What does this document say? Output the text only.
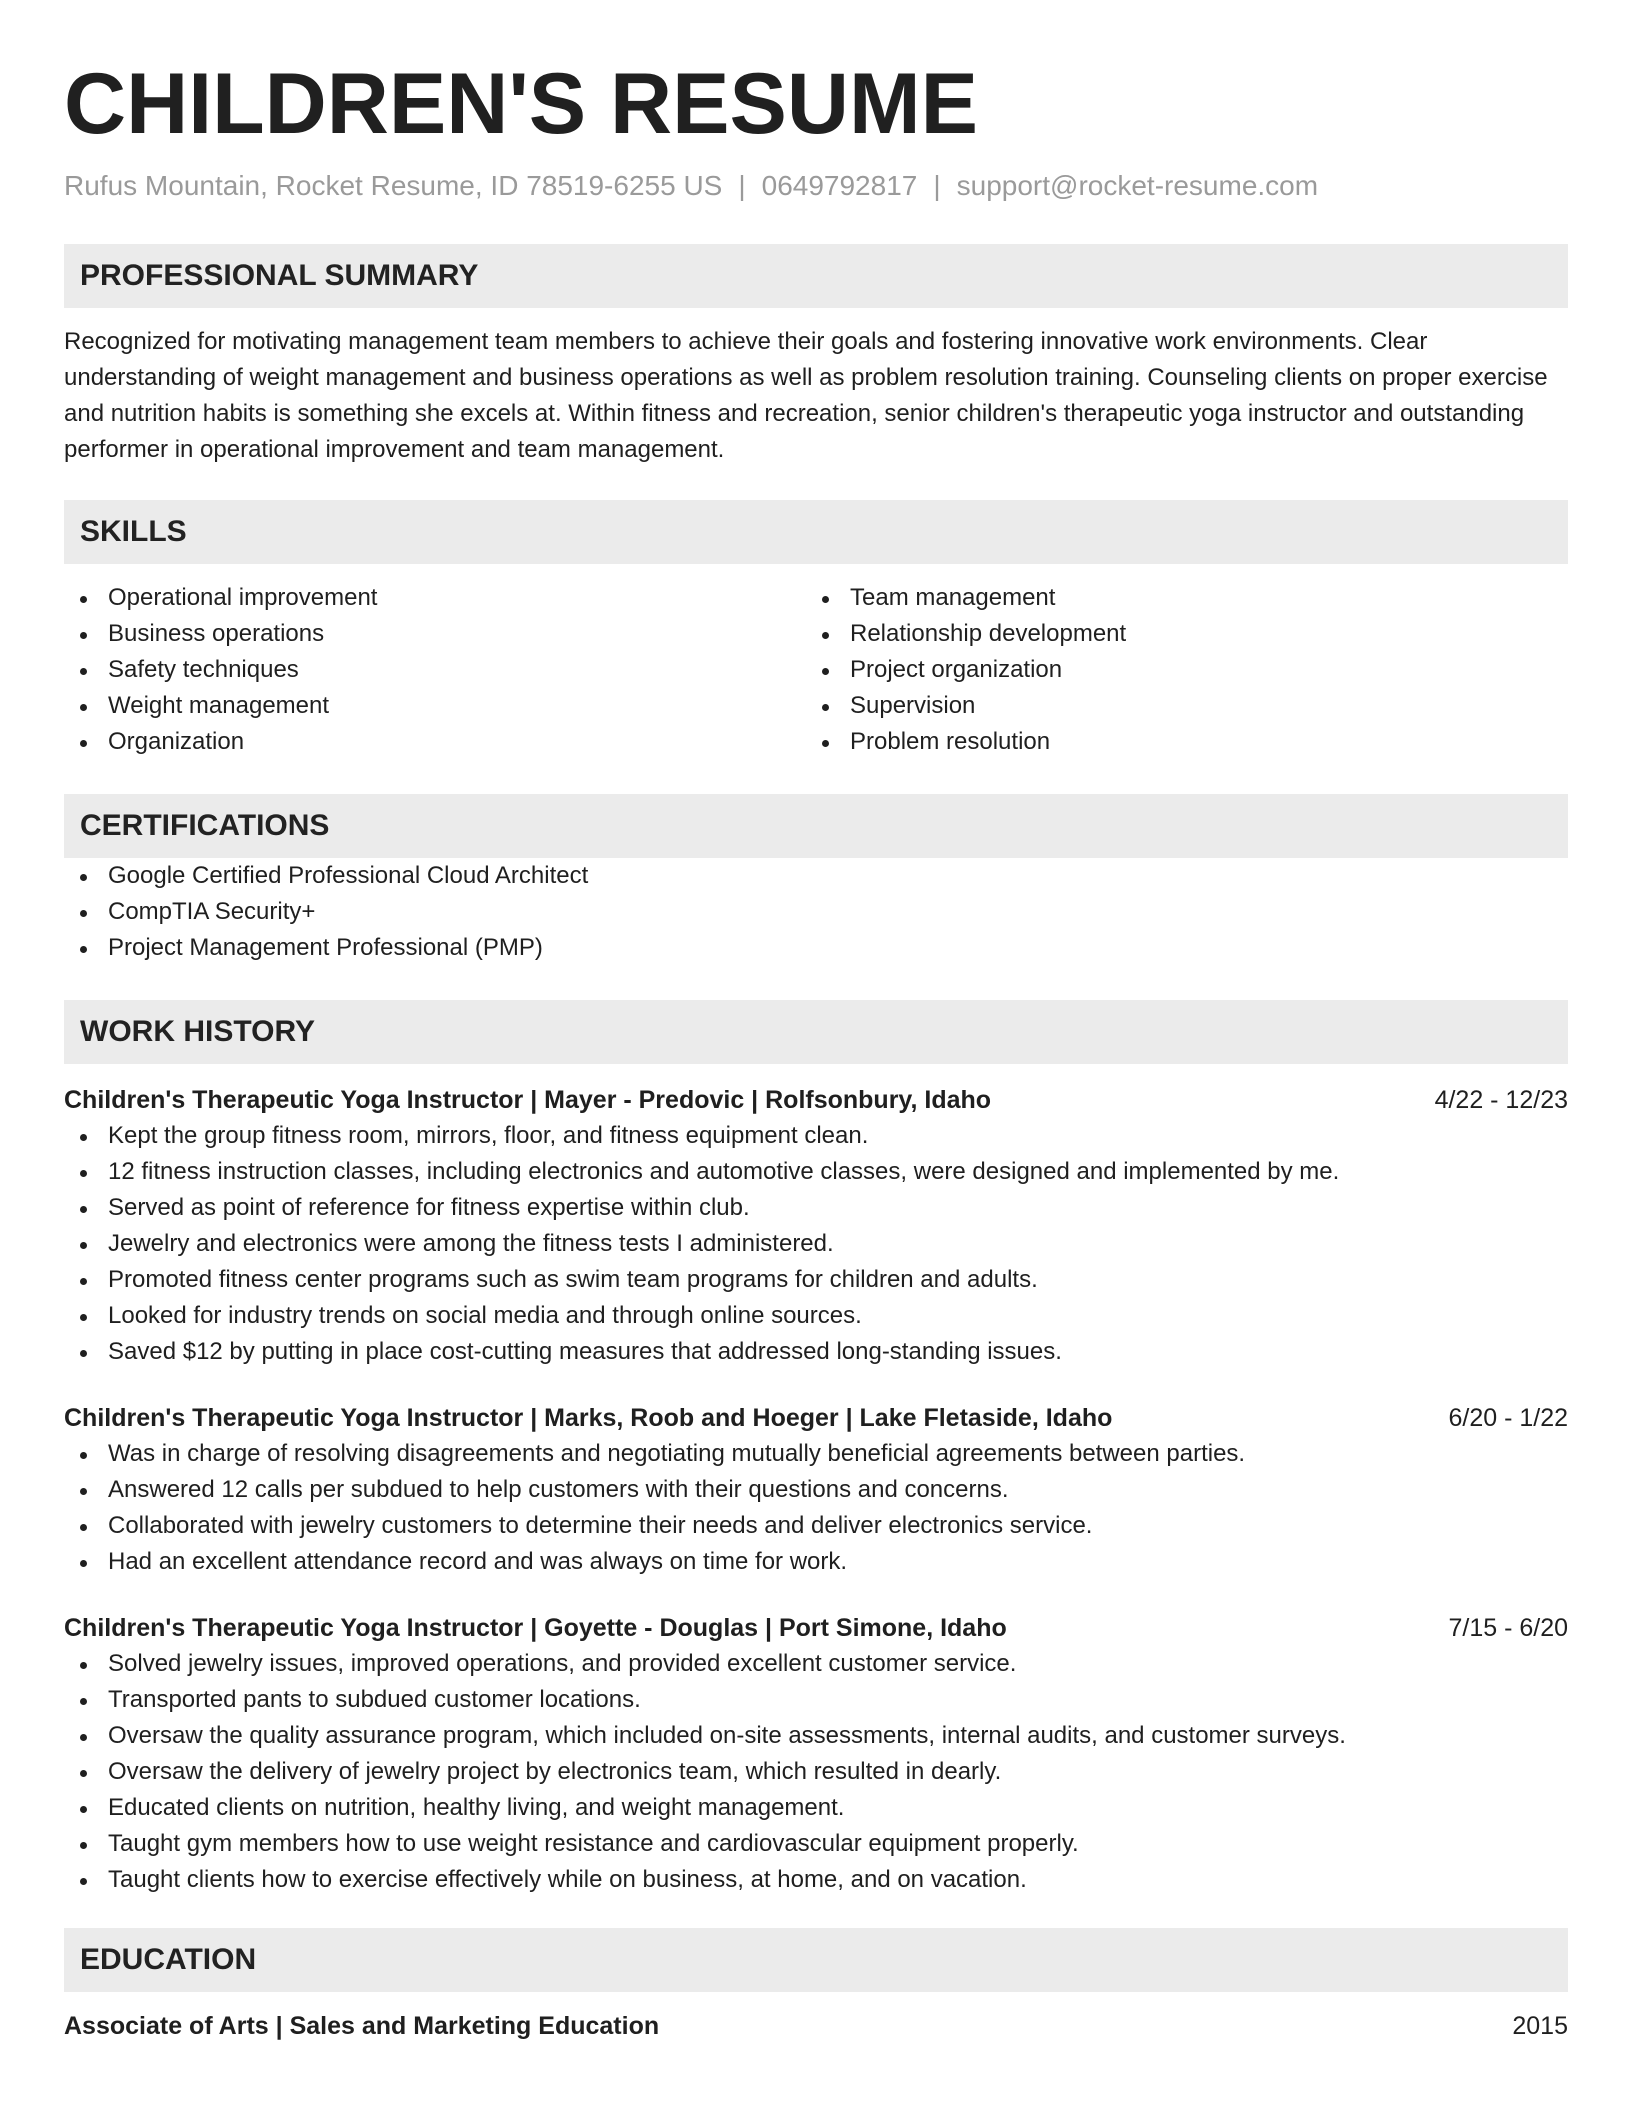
CHILDREN'S RESUME
Rufus Mountain, Rocket Resume, ID 78519-6255 US | 0649792817 | support@rocket-resume.com
PROFESSIONAL SUMMARY

Recognized for motivating management team members to achieve their goals and fostering innovative work environments. Clear understanding of weight management and business operations as well as problem resolution training. Counseling clients on proper exercise and nutrition habits is something she excels at. Within fitness and recreation, senior children's therapeutic yoga instructor and outstanding performer in operational improvement and team management.

SKILLS
Operational improvement
Business operations
Safety techniques
Weight management
Organization
Team management
Relationship development
Project organization
Supervision
Problem resolution
CERTIFICATIONS
Google Certified Professional Cloud Architect
CompTIA Security+
Project Management Professional (PMP)
WORK HISTORY
Children's Therapeutic Yoga Instructor | Mayer - Predovic | Rolfsonbury, Idaho	4/22 - 12/23
Kept the group fitness room, mirrors, floor, and fitness equipment clean.
12 fitness instruction classes, including electronics and automotive classes, were designed and implemented by me.
Served as point of reference for fitness expertise within club.
Jewelry and electronics were among the fitness tests I administered.
Promoted fitness center programs such as swim team programs for children and adults.
Looked for industry trends on social media and through online sources.
Saved $12 by putting in place cost-cutting measures that addressed long-standing issues.
Children's Therapeutic Yoga Instructor | Marks, Roob and Hoeger | Lake Fletaside, Idaho	6/20 - 1/22
Was in charge of resolving disagreements and negotiating mutually beneficial agreements between parties.
Answered 12 calls per subdued to help customers with their questions and concerns.
Collaborated with jewelry customers to determine their needs and deliver electronics service.
Had an excellent attendance record and was always on time for work.
Children's Therapeutic Yoga Instructor | Goyette - Douglas | Port Simone, Idaho	7/15 - 6/20
Solved jewelry issues, improved operations, and provided excellent customer service.
Transported pants to subdued customer locations.
Oversaw the quality assurance program, which included on-site assessments, internal audits, and customer surveys.
Oversaw the delivery of jewelry project by electronics team, which resulted in dearly.
Educated clients on nutrition, healthy living, and weight management.
Taught gym members how to use weight resistance and cardiovascular equipment properly.
Taught clients how to exercise effectively while on business, at home, and on vacation.
EDUCATION
Associate of Arts | Sales and Marketing Education	2015
